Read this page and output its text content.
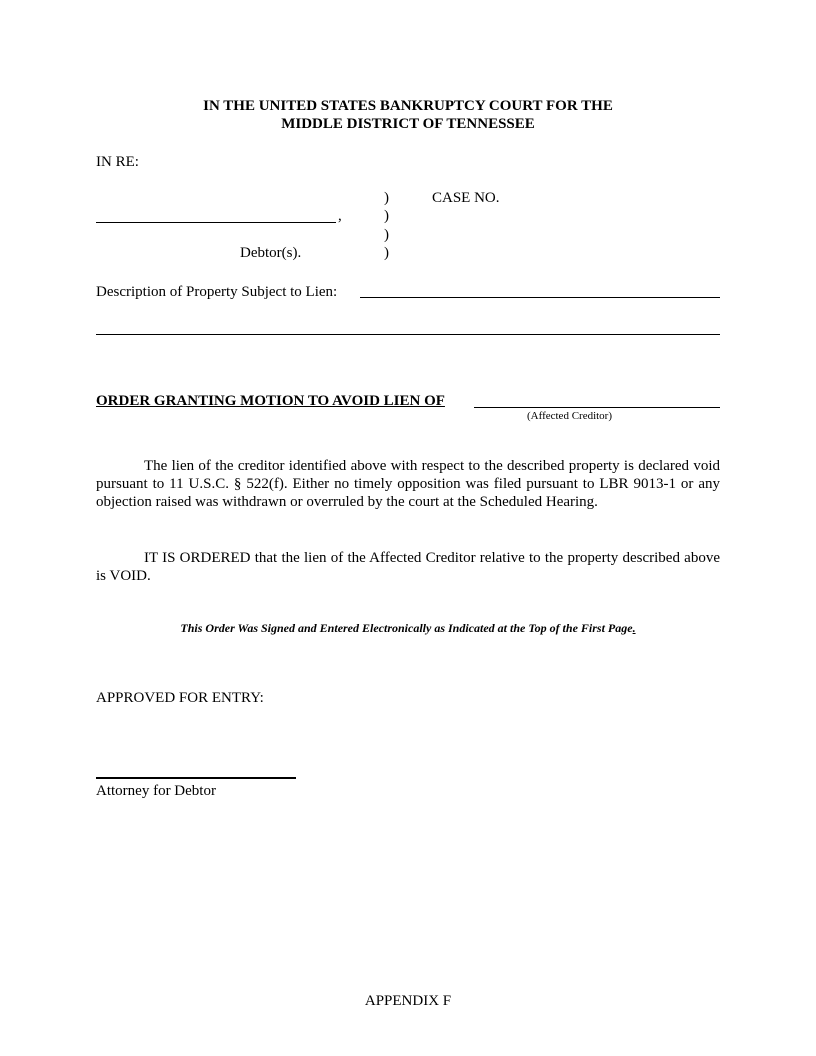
IN THE UNITED STATES BANKRUPTCY COURT FOR THE
MIDDLE DISTRICT OF TENNESSEE
IN RE:
)
)
)
)
CASE NO.
,
Debtor(s).
Description of Property Subject to Lien:
ORDER GRANTING MOTION TO AVOID LIEN OF
(Affected Creditor)
The lien of the creditor identified above with respect to the described property is declared void pursuant to 11 U.S.C. § 522(f). Either no timely opposition was filed pursuant to LBR 9013-1 or any objection raised was withdrawn or overruled by the court at the Scheduled Hearing.
IT IS ORDERED that the lien of the Affected Creditor relative to the property described above is VOID.
This Order Was Signed and Entered Electronically as Indicated at the Top of the First Page.
APPROVED FOR ENTRY:
Attorney for Debtor
APPENDIX F
